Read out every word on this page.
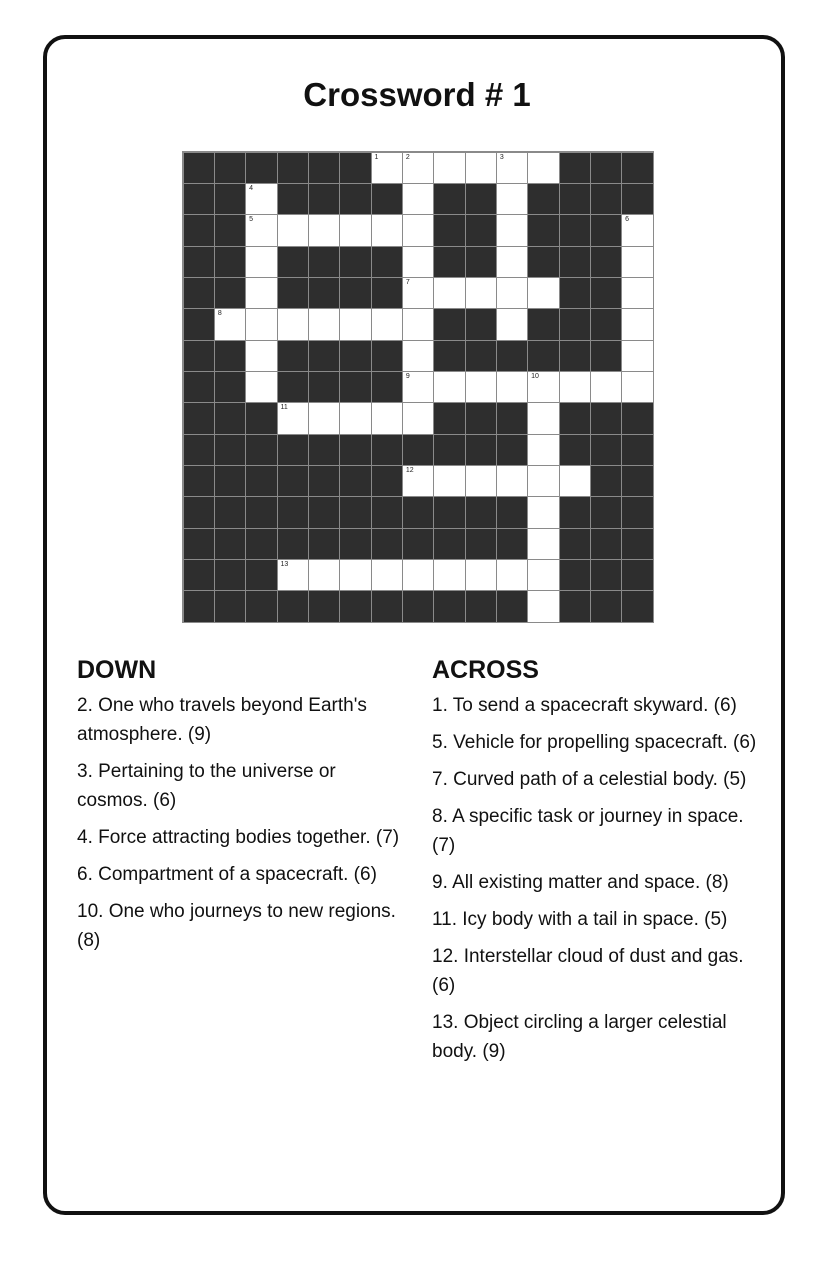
Crossword # 1
1	2	3
4
5	6
7
8
9	10
11
12
13
DOWN
2. One who travels beyond Earth's atmosphere. (9)
3. Pertaining to the universe or cosmos. (6)
4. Force attracting bodies together. (7)
6. Compartment of a spacecraft. (6)
10. One who journeys to new regions. (8)
ACROSS
1. To send a spacecraft skyward. (6)
5. Vehicle for propelling spacecraft. (6)
7. Curved path of a celestial body. (5)
8. A specific task or journey in space. (7)
9. All existing matter and space. (8)
11. Icy body with a tail in space. (5)
12. Interstellar cloud of dust and gas. (6)
13. Object circling a larger celestial body. (9)
